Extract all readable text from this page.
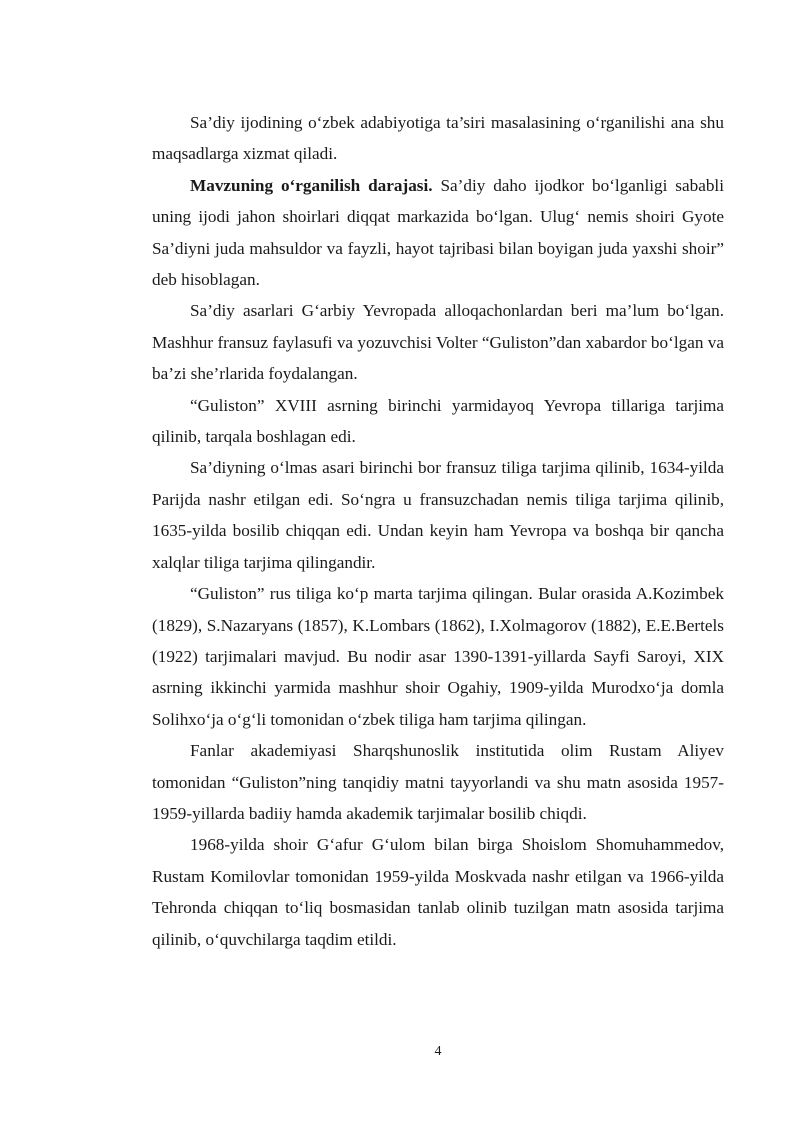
Sa’diy ijodining o‘zbek adabiyotiga ta’siri masalasining o‘rganilishi ana shu maqsadlarga xizmat qiladi.

Mavzuning o‘rganilish darajasi. Sa’diy daho ijodkor bo‘lganligi sababli uning ijodi jahon shoirlari diqqat markazida bo‘lgan. Ulug‘ nemis shoiri Gyote Sa’diyni juda mahsuldor va fayzli, hayot tajribasi bilan boyigan juda yaxshi shoir” deb hisoblagan.

Sa’diy asarlari G‘arbiy Yevropada alloqachonlardan beri ma’lum bo‘lgan. Mashhur fransuz faylasufi va yozuvchisi Volter “Guliston”dan xabardor bo‘lgan va ba’zi she’rlarida foydalangan.

“Guliston” XVIII asrning birinchi yarmidayoq Yevropa tillariga tarjima qilinib, tarqala boshlagan edi.

Sa’diyning o‘lmas asari birinchi bor fransuz tiliga tarjima qilinib, 1634-yilda Parijda nashr etilgan edi. So‘ngra u fransuzchadan nemis tiliga tarjima qilinib, 1635-yilda bosilib chiqqan edi. Undan keyin ham Yevropa va boshqa bir qancha xalqlar tiliga tarjima qilingandir.

“Guliston” rus tiliga ko‘p marta tarjima qilingan. Bular orasida A.Kozimbek (1829), S.Nazaryans (1857), K.Lombars (1862), I.Xolmagorov (1882), E.E.Bertels (1922) tarjimalari mavjud. Bu nodir asar 1390-1391-yillarda Sayfi Saroyi, XIX asrning ikkinchi yarmida mashhur shoir Ogahiy, 1909-yilda Murodxo‘ja domla Solihxo‘ja o‘g‘li tomonidan o‘zbek tiliga ham tarjima qilingan.

Fanlar akademiyasi Sharqshunoslik institutida olim Rustam Aliyev tomonidan “Guliston”ning tanqidiy matni tayyorlandi va shu matn asosida 1957-1959-yillarda badiiy hamda akademik tarjimalar bosilib chiqdi.

1968-yilda shoir G‘afur G‘ulom bilan birga Shoislom Shomuhammedov, Rustam Komilovlar tomonidan 1959-yilda Moskvada nashr etilgan va 1966-yilda Tehronda chiqqan to‘liq bosmasidan tanlab olinib tuzilgan matn asosida tarjima qilinib, o‘quvchilarga taqdim etildi.

4
